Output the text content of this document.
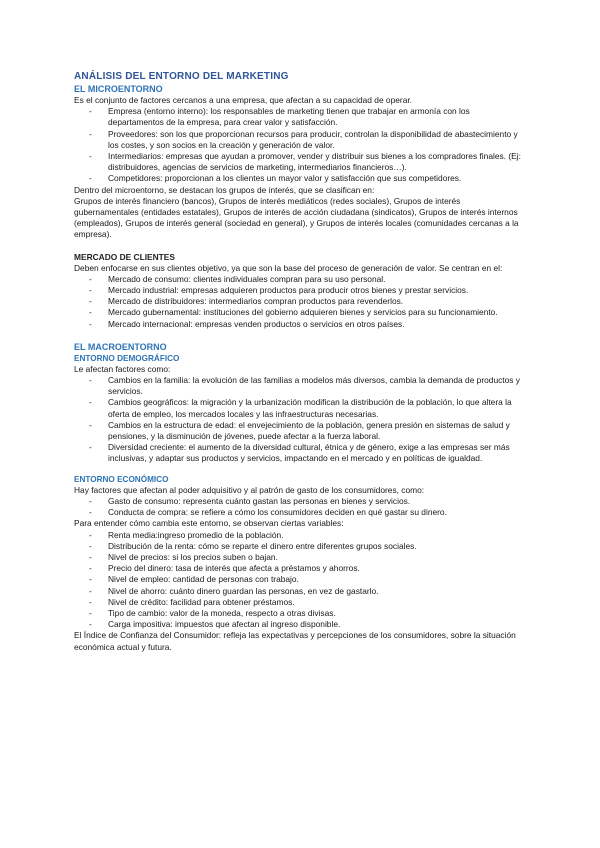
ANÁLISIS DEL ENTORNO DEL MARKETING
EL MICROENTORNO

Es el conjunto de factores cercanos a una empresa, que afectan a su capacidad de operar.

- Empresa (entorno interno): los responsables de marketing tienen que trabajar en armonía con los departamentos de la empresa, para crear valor y satisfacción.
- Proveedores: son los que proporcionan recursos para producir, controlan la disponibilidad de abastecimiento y los costes, y son socios en la creación y generación de valor.
- Intermediarios: empresas que ayudan a promover, vender y distribuir sus bienes a los compradores finales. (Ej: distribuidores, agencias de servicios de marketing, intermediarios financieros…).
- Competidores: proporcionan a los clientes un mayor valor y satisfacción que sus competidores.

Dentro del microentorno, se destacan los grupos de interés, que se clasifican en:

Grupos de interés financiero (bancos), Grupos de interés mediáticos (redes sociales), Grupos de interés gubernamentales (entidades estatales), Grupos de interés de acción ciudadana (sindicatos), Grupos de interés internos (empleados), Grupos de interés general (sociedad en general), y Grupos de interés locales (comunidades cercanas a la empresa).

MERCADO DE CLIENTES

Deben enfocarse en sus clientes objetivo, ya que son la base del proceso de generación de valor. Se centran en el:

- Mercado de consumo: clientes individuales compran para su uso personal.
- Mercado industrial: empresas adquieren productos para producir otros bienes y prestar servicios.
- Mercado de distribuidores: intermediarios compran productos para revenderlos.
- Mercado gubernamental: instituciones del gobierno adquieren bienes y servicios para su funcionamiento.
- Mercado internacional: empresas venden productos o servicios en otros países.
EL MACROENTORNO
ENTORNO DEMOGRÁFICO

Le afectan factores como:

- Cambios en la familia: la evolución de las familias a modelos más diversos, cambia la demanda de productos y servicios.
- Cambios geográficos: la migración y la urbanización modifican la distribución de la población, lo que altera la oferta de empleo, los mercados locales y las infraestructuras necesarias.
- Cambios en la estructura de edad: el envejecimiento de la población, genera presión en sistemas de salud y pensiones, y la disminución de jóvenes, puede afectar a la fuerza laboral.
- Diversidad creciente: el aumento de la diversidad cultural, étnica y de género, exige a las empresas ser más inclusivas, y adaptar sus productos y servicios, impactando en el mercado y en políticas de igualdad.
ENTORNO ECONÓMICO

Hay factores que afectan al poder adquisitivo y al patrón de gasto de los consumidores, como:

- Gasto de consumo: representa cuánto gastan las personas en bienes y servicios.
- Conducta de compra: se refiere a cómo los consumidores deciden en qué gastar su dinero.

Para entender cómo cambia este entorno, se observan ciertas variables:

- Renta media:ingreso promedio de la población.
- Distribución de la renta: cómo se reparte el dinero entre diferentes grupos sociales.
- Nivel de precios: si los precios suben o bajan.
- Precio del dinero: tasa de interés que afecta a préstamos y ahorros.
- Nivel de empleo: cantidad de personas con trabajo.
- Nivel de ahorro: cuánto dinero guardan las personas, en vez de gastarlo.
- Nivel de crédito: facilidad para obtener préstamos.
- Tipo de cambio: valor de la moneda, respecto a otras divisas.
- Carga impositiva: impuestos que afectan al ingreso disponible.

El Índice de Confianza del Consumidor: refleja las expectativas y percepciones de los consumidores, sobre la situación económica actual y futura.
